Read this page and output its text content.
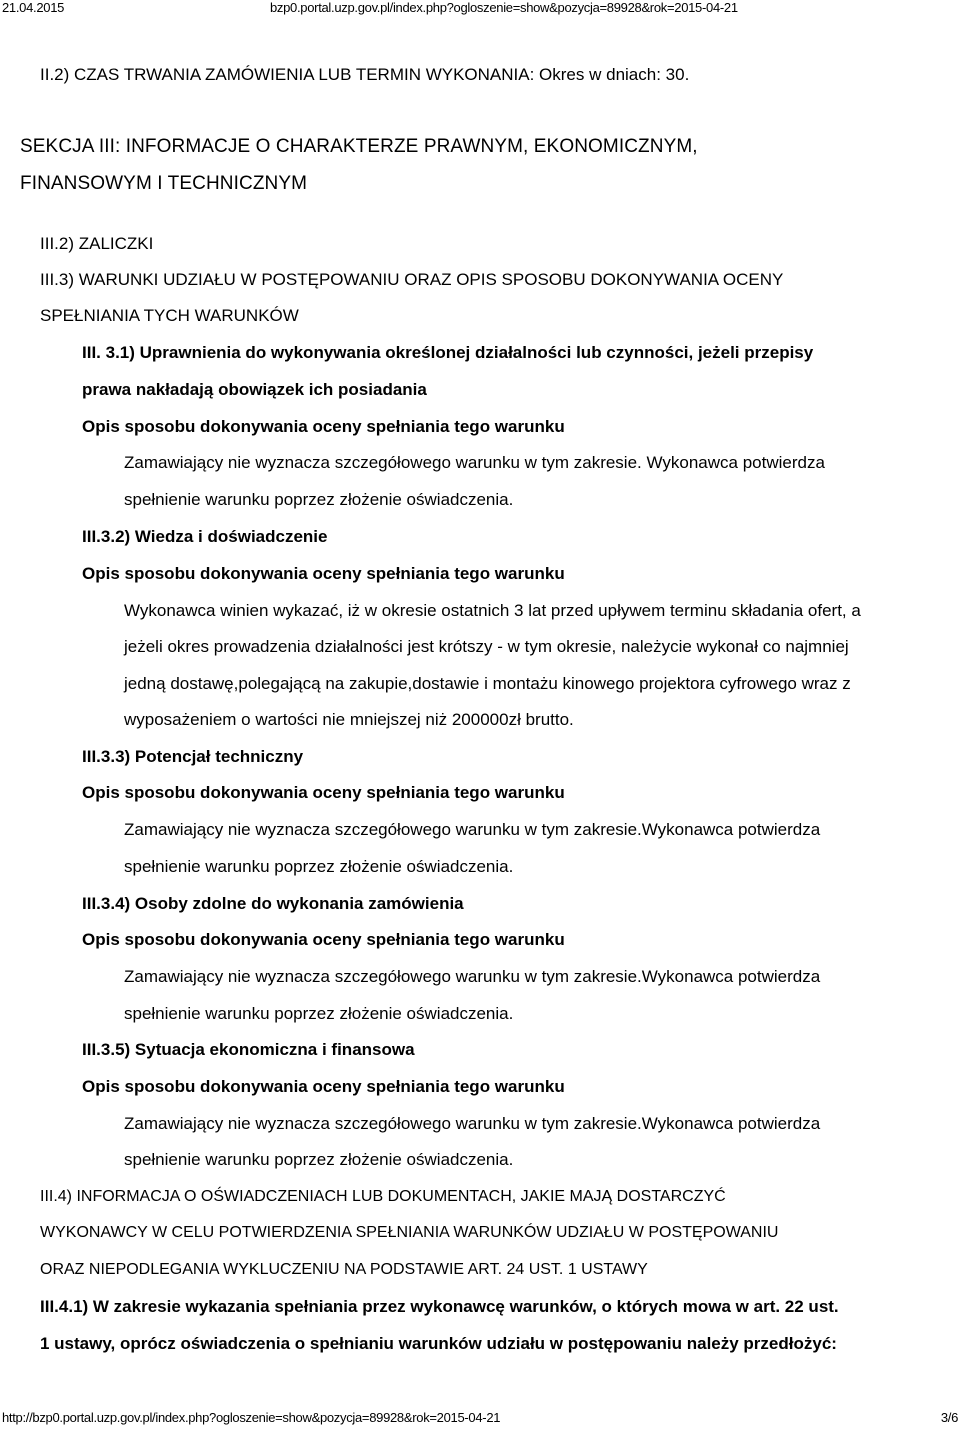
21.04.2015	bzp0.portal.uzp.gov.pl/index.php?ogloszenie=show&pozycja=89928&rok=2015-04-21
II.2) CZAS TRWANIA ZAMÓWIENIA LUB TERMIN WYKONANIA: Okres w dniach: 30.
SEKCJA III: INFORMACJE O CHARAKTERZE PRAWNYM, EKONOMICZNYM,
FINANSOWYM I TECHNICZNYM
III.2) ZALICZKI
III.3) WARUNKI UDZIAŁU W POSTĘPOWANIU ORAZ OPIS SPOSOBU DOKONYWANIA OCENY
SPEŁNIANIA TYCH WARUNKÓW
III. 3.1) Uprawnienia do wykonywania określonej działalności lub czynności, jeżeli przepisy
prawa nakładają obowiązek ich posiadania
Opis sposobu dokonywania oceny spełniania tego warunku
Zamawiający nie wyznacza szczegółowego warunku w tym zakresie. Wykonawca potwierdza
spełnienie warunku poprzez złożenie oświadczenia.
III.3.2) Wiedza i doświadczenie
Opis sposobu dokonywania oceny spełniania tego warunku
Wykonawca winien wykazać, iż w okresie ostatnich 3 lat przed upływem terminu składania ofert, a
jeżeli okres prowadzenia działalności jest krótszy - w tym okresie, należycie wykonał co najmniej
jedną dostawę,polegającą na zakupie,dostawie i montażu kinowego projektora cyfrowego wraz z
wyposażeniem o wartości nie mniejszej niż 200000zł brutto.
III.3.3) Potencjał techniczny
Opis sposobu dokonywania oceny spełniania tego warunku
Zamawiający nie wyznacza szczegółowego warunku w tym zakresie.Wykonawca potwierdza
spełnienie warunku poprzez złożenie oświadczenia.
III.3.4) Osoby zdolne do wykonania zamówienia
Opis sposobu dokonywania oceny spełniania tego warunku
Zamawiający nie wyznacza szczegółowego warunku w tym zakresie.Wykonawca potwierdza
spełnienie warunku poprzez złożenie oświadczenia.
III.3.5) Sytuacja ekonomiczna i finansowa
Opis sposobu dokonywania oceny spełniania tego warunku
Zamawiający nie wyznacza szczegółowego warunku w tym zakresie.Wykonawca potwierdza
spełnienie warunku poprzez złożenie oświadczenia.
III.4) INFORMACJA O OŚWIADCZENIACH LUB DOKUMENTACH, JAKIE MAJĄ DOSTARCZYĆ
WYKONAWCY W CELU POTWIERDZENIA SPEŁNIANIA WARUNKÓW UDZIAŁU W POSTĘPOWANIU
ORAZ NIEPODLEGANIA WYKLUCZENIU NA PODSTAWIE ART. 24 UST. 1 USTAWY
III.4.1) W zakresie wykazania spełniania przez wykonawcę warunków, o których mowa w art. 22 ust.
1 ustawy, oprócz oświadczenia o spełnianiu warunków udziału w postępowaniu należy przedłożyć:
http://bzp0.portal.uzp.gov.pl/index.php?ogloszenie=show&pozycja=89928&rok=2015-04-21	3/6
